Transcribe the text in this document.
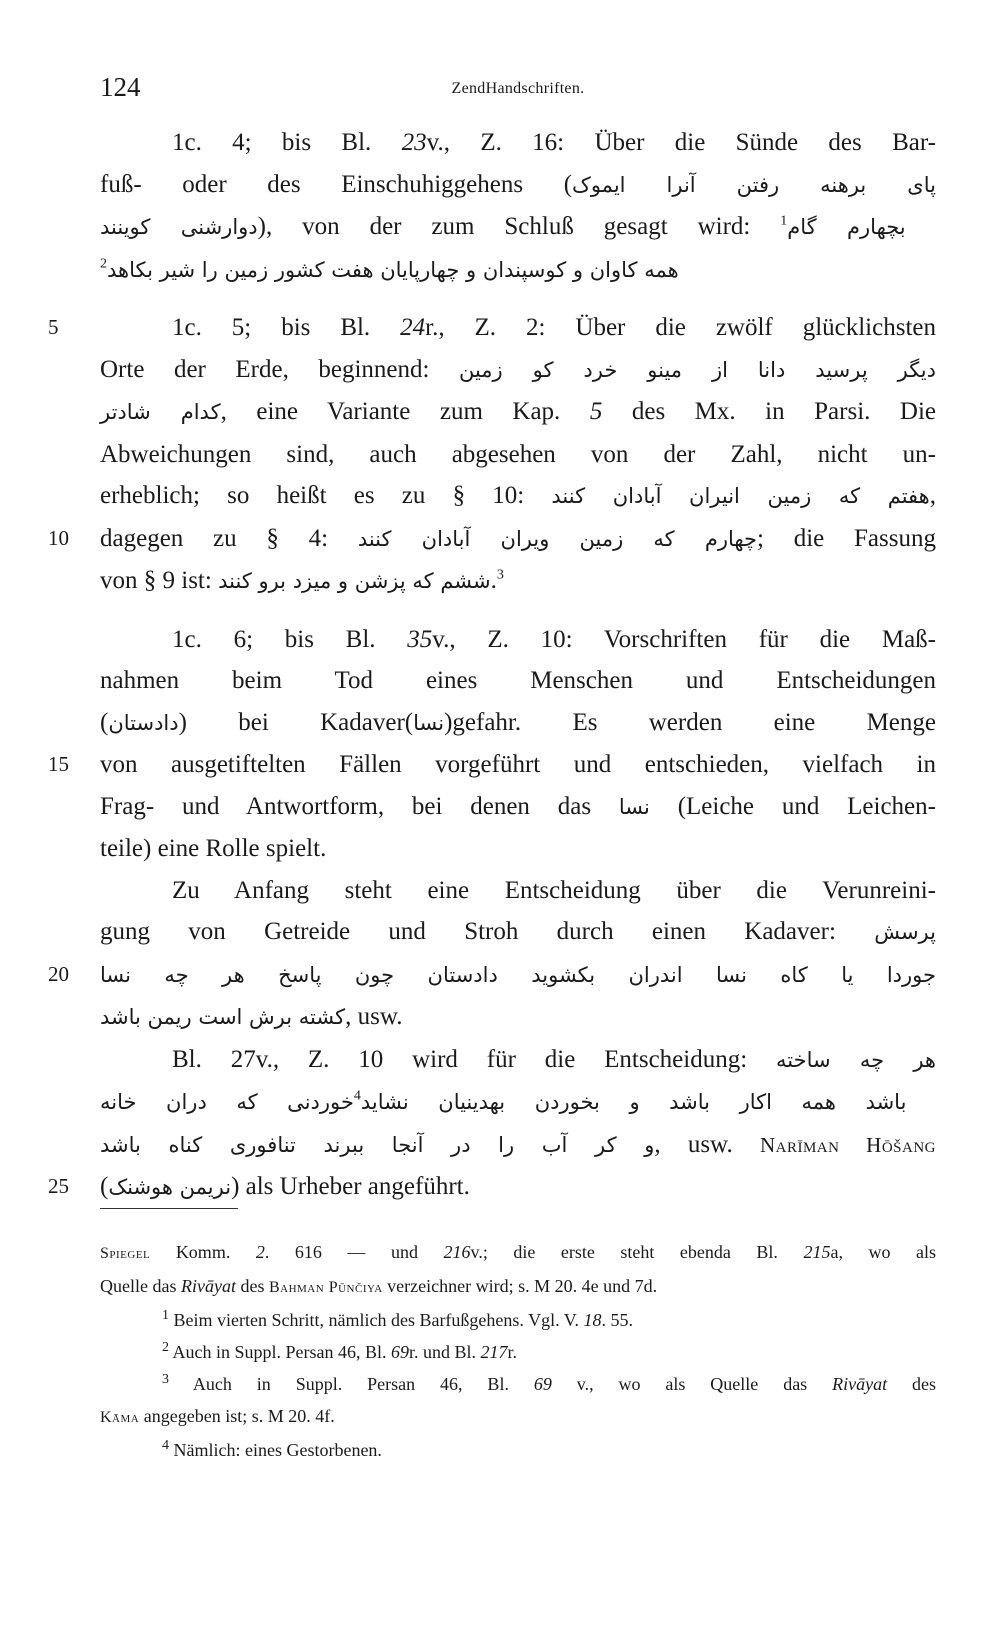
124	ZendHandschriften.
1c. 4; bis Bl. 23v., Z. 16: Über die Sünde des Bar-
fuß- oder des Einschuhiggehens (پای برهنه رفتن آنرا ایموک
دوارشنی کوینند), von der zum Schluß gesagt wird: $^1$ بچهارم گام
$^2$همه کاوان و کوسپندان و چهارپایان هفت کشور زمین را شیر بکاهد
5	1c. 5; bis Bl. 24r., Z. 2: Über die zwölf glücklichsten
Orte der Erde, beginnend: دیگر پرسید دانا از مینو خرد کو زمین
کدام شادتر, eine Variante zum Kap. 5 des Mx. in Parsi. Die
Abweichungen sind, auch abgesehen von der Zahl, nicht un-
erheblich; so heißt es zu § 10: هفتم که زمین انیران آبادان کنند,
10 dagegen zu § 4: چهارم که زمین ویران آبادان کنند; die Fassung
von § 9 ist: ششم که پزشن و میزد برو کنند.$^3$
1c. 6; bis Bl. 35v., Z. 10: Vorschriften für die Maß-
nahmen beim Tod eines Menschen und Entscheidungen
(دادستان) bei Kadaver(نسا)gefahr. Es werden eine Menge
15 von ausgetiftelten Fällen vorgeführt und entschieden, vielfach in
Frag- und Antwortform, bei denen das نسا (Leiche und Leichen-
teile) eine Rolle spielt.
Zu Anfang steht eine Entscheidung über die Verunreini-
gung von Getreide und Stroh durch einen Kadaver: پرسش
20 جوردا یا کاه نسا اندران بکشوید دادستان چون پاسخ هر چه نسا
کشته برش است ریمن باشد, usw.
Bl. 27v., Z. 10 wird für die Entscheidung: هر چه ساخته
خوردنی که دران خانه$^4$ باشد همه اکار باشد و بخوردن بهدینیان نشاید
و کر آب را در آنجا ببرند تنافوری کناه باشد, usw. Narīman Hōšang
25 (نریمن هوشنک) als Urheber angeführt.
Spiegel Komm. 2. 616 — und 216v.; die erste steht ebenda Bl. 215a, wo als
Quelle das Rivāyat des Bahman Pūnčiya verzeichner wird; s. M 20. 4e und 7d.
$^1$ Beim vierten Schritt, nämlich des Barfußgehens. Vgl. V. 18. 55.
$^2$ Auch in Suppl. Persan 46, Bl. 69r. und Bl. 217r.
$^3$ Auch in Suppl. Persan 46, Bl. 69 v., wo als Quelle das Rivāyat des
Kāma angegeben ist; s. M 20. 4f.
$^4$ Nämlich: eines Gestorbenen.
